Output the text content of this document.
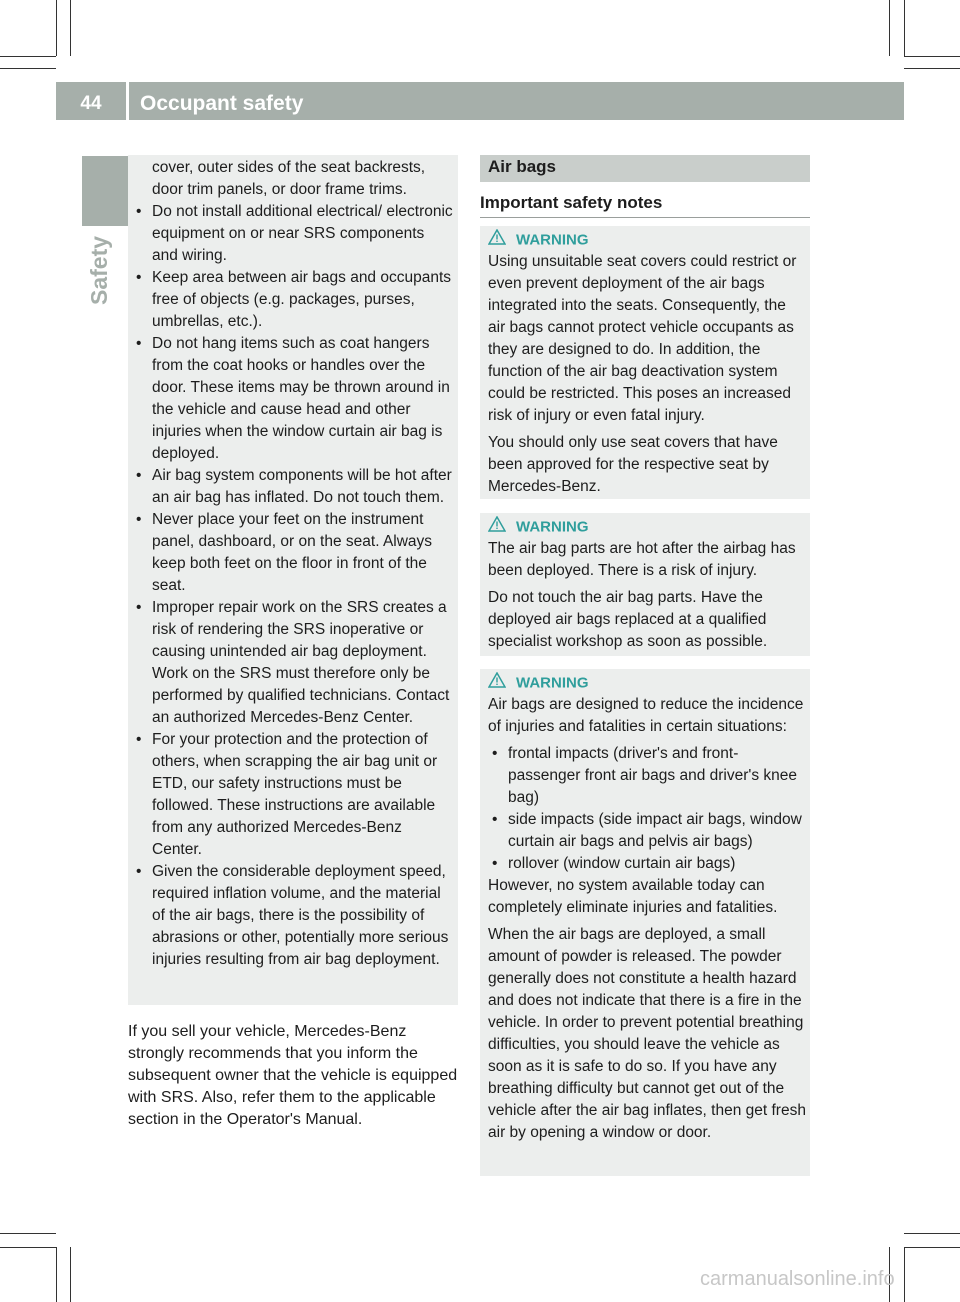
44	Occupant safety
Safety

cover, outer sides of the seat backrests, door trim panels, or door frame trims.

• Do not install additional electrical/ electronic equipment on or near SRS components and wiring.

• Keep area between air bags and occupants free of objects (e.g. packages, purses, umbrellas, etc.).

• Do not hang items such as coat hangers from the coat hooks or handles over the door. These items may be thrown around in the vehicle and cause head and other injuries when the window curtain air bag is deployed.

• Air bag system components will be hot after an air bag has inflated. Do not touch them.

• Never place your feet on the instrument panel, dashboard, or on the seat. Always keep both feet on the floor in front of the seat.

• Improper repair work on the SRS creates a risk of rendering the SRS inoperative or causing unintended air bag deployment. Work on the SRS must therefore only be performed by qualified technicians. Contact an authorized Mercedes-Benz Center.

• For your protection and the protection of others, when scrapping the air bag unit or ETD, our safety instructions must be followed. These instructions are available from any authorized Mercedes-Benz Center.

• Given the considerable deployment speed, required inflation volume, and the material of the air bags, there is the possibility of abrasions or other, potentially more serious injuries resulting from air bag deployment.

If you sell your vehicle, Mercedes-Benz strongly recommends that you inform the subsequent owner that the vehicle is equipped with SRS. Also, refer them to the applicable section in the Operator's Manual.
Air bags
Important safety notes
WARNING

Using unsuitable seat covers could restrict or even prevent deployment of the air bags integrated into the seats. Consequently, the air bags cannot protect vehicle occupants as they are designed to do. In addition, the function of the air bag deactivation system could be restricted. This poses an increased risk of injury or even fatal injury.

You should only use seat covers that have been approved for the respective seat by Mercedes-Benz.

WARNING

The air bag parts are hot after the airbag has been deployed. There is a risk of injury.

Do not touch the air bag parts. Have the deployed air bags replaced at a qualified specialist workshop as soon as possible.

WARNING

Air bags are designed to reduce the incidence of injuries and fatalities in certain situations:

• frontal impacts (driver's and front-passenger front air bags and driver's knee bag)

• side impacts (side impact air bags, window curtain air bags and pelvis air bags)

• rollover (window curtain air bags)

However, no system available today can completely eliminate injuries and fatalities.

When the air bags are deployed, a small amount of powder is released. The powder generally does not constitute a health hazard and does not indicate that there is a fire in the vehicle. In order to prevent potential breathing difficulties, you should leave the vehicle as soon as it is safe to do so. If you have any breathing difficulty but cannot get out of the vehicle after the air bag inflates, then get fresh air by opening a window or door.

carmanualsonline.info
